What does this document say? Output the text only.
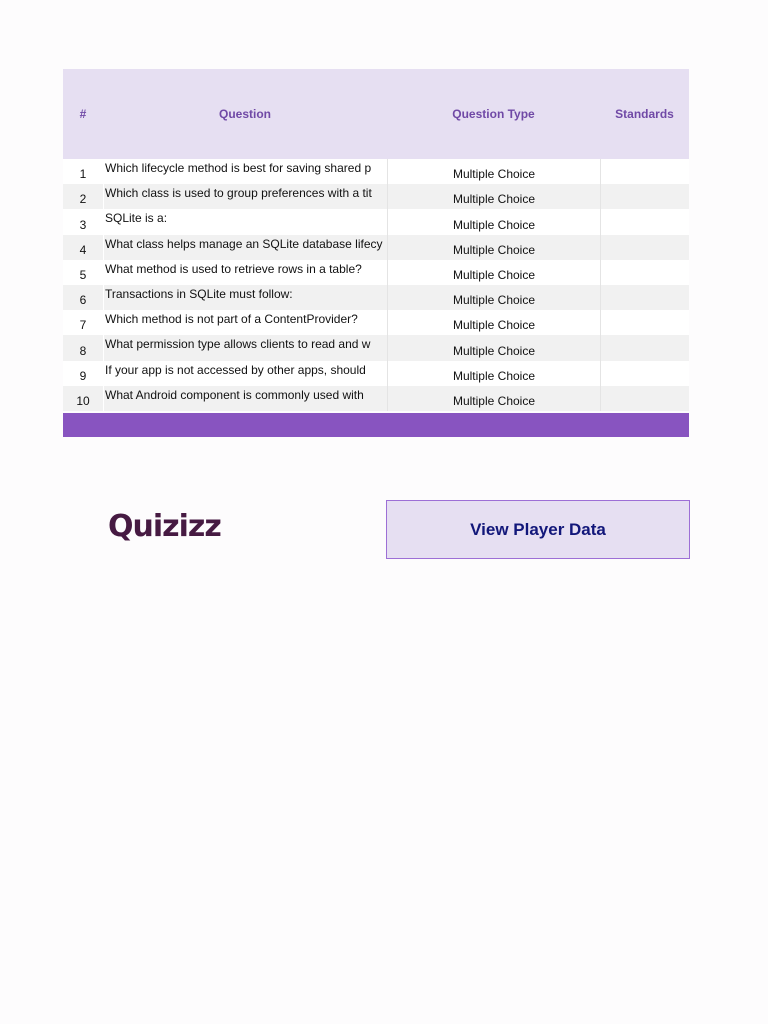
#	Question	Question Type	Standards
1	Which lifecycle method is best for saving shared p	Multiple Choice
2	Which class is used to group preferences with a tit	Multiple Choice
3	SQLite is a:	Multiple Choice
4	What class helps manage an SQLite database lifecy	Multiple Choice
5	What method is used to retrieve rows in a table?	Multiple Choice
6	Transactions in SQLite must follow:	Multiple Choice
7	Which method is not part of a ContentProvider?	Multiple Choice
8	What permission type allows clients to read and w	Multiple Choice
9	If your app is not accessed by other apps, should	Multiple Choice
10	What Android component is commonly used with	Multiple Choice
Quizizz	View Player Data
